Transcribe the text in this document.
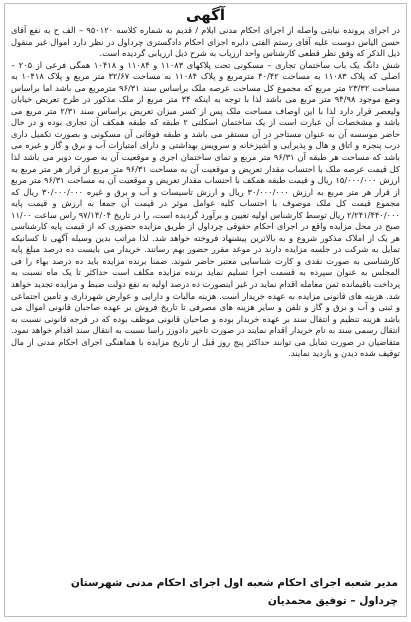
آگهی

در اجرای پرونده نیابتی واصله از اجرای احکام مدنی ایلام / قدیم به شماره کلاسه ۹۵۰۱۲۰ – الف ح به نفع آقای حسن الیاس دوست علیه آقای رستم الفتی دایره اجرای احکام دادگستری چرداول در نظر دارد اموال غیر منقول ذیل الذکر که وفق نظر قطعی کارشناس واحد ارزیاب به شرح ذیل ارزیابی گردیده است.

شش دانگ یک باب ساختمان تجاری – مسکونی تحت پلاکهای ۱۱۰۸۳ و ۱۱۰۸۴ و ۱۰۴۱۸ همگی فرعی از ۲۰۵ – اصلی که پلاک ۱۱۰۸۳ به مساحت ۴۰/۴۲ مترمربع و پلاک ۱۱۰۸۴ به مساحت ۳۲/۶۷ متر مربع و پلاک ۱۰۴۱۸ به مساحت ۲۳/۳۲ متر مربع که مجموع کل مساحت عرصه ملک براساس سند ۹۶/۳۱ مترمربع می باشد اما براساس وضع موجود ۹۴/۹۸ متر مربع می باشد لذا با توجه به اینکه ۳۴ متر مربع از ملک مذکور در طرح تعریض خیابان ولیعصر قرار دارد لذا با این اوصاف مساحت ملک پس از کسر میزان تعریض براساس سند ۲/۳۱ متر مربع می باشد و مشخصات آن عبارت است از یک ساختمان اسکلتی ۲ طبقه که طبقه همکف آن تجاری بوده و در حال حاضر موسسه آن به عنوان مستاجر در آن مستقر می باشد و طبقه فوقانی آن مسکونی و بصورت تکمیل داری درب پنجره و اتاق و هال و پذیرایی و آشپزخانه و سرویس بهداشتی و دارای امتیازات آب و برق و گاز و غیره می باشد که مساحت هر طبقه آن ۹۶/۳۱ متر مربع و تمای ساختمان اجری و موقعیت آن به صورت دوبر می باشد لذا کل قیمت عرصه ملک با احتساب مقدار تعریض و موقعیت آن به مساحت ۹۶/۳۱ متر مربع از قرار هر متر مربع به ارزش ۱۵/۰۰۰/۰۰۰ ریال و قیمت طبقه همکف با احتساب مقدار تعریض و موقعیت آن به مساحت ۹۶/۳۱ متر مربع از قرار هر متر مربع به ارزش ۳۰/۰۰۰/۰۰۰ ریال و ارزش تاسیسات و آب و برق و غیره ۳۰/۰۰۰/۰۰۰ ریال که مجموع قیمت کل ملک موصوف با احتساب کلیه عوامل موثر در قیمت آن جمعا به ارزش و قیمت پایه ۲/۲۴۱/۴۴۰/۰۰۰ ریال توسط کارشناس اولیه تعیین و برآورد گردیده است، را در تاریخ ۹۷/۱۴/۰۴ راس ساعت ۱۱/۰۰ صبح در محل مزایده واقع در اجرای احکام حقوقی چرداول از طریق مزایده حضوری که از قیمت پایه کارشناسی هر یک از املاک مذکور شروع و به بالاترین پیشنهاد فروخته خواهد شد. لذا مراتب بدین وسیله آگهی تا کسانیکه تمایل به شرکت در جلسه مزایده دارند در موعد مقرر حضور بهم رسانند. خریدار می بایست ده درصد مبلغ پایه کارشناسی به صورت نقدی و کارت شناسایی معتبر حاضر شوند. ضمنا برنده مزایده باید ده درصد بهاء را فی المجلس به عنوان سپرده به قسمت اجرا تسلیم نماید برنده مزایده مکلف است حداکثر تا یک ماه نسبت به پرداخت باقیمانده ثمن معامله اقدام نماید در غیر اینصورت ده درصد اولیه به نفع دولت ضبط و مزایده تجدید خواهد شد. هزینه های قانونی مزایده به عهده خریدار است. هزینه مالیات و دارایی و عوارض شهرداری و تامین اجتماعی و ثبتی و آب و برق و گاز و تلفن و سایر هزینه های مصرفی تا تاریخ فروش بر عهده صاحبان قانونی اموال می باشد هزینه تنظیم و انتقال سند بر عهده خریدار بوده و صاحبان قانونی موظف بوده که در فرجه قانونی نسبت به انتقال رسمی سند به نام خریدار اقدام نمایند در صورت تاخیر دادورز راسا نسبت به انتقال سند اقدام خواهد نمود. متقاضیان در صورت تمایل می توانند حداکثر پنج روز قبل از تاریخ مزایده با هماهنگی اجرای احکام مدنی از مال توقیف شده دیدن و بازدید نمایند.

مدیر شعبه اجرای احکام شعبه اول اجرای احکام مدنی شهرستان
چرداول – توفیق محمدیان
